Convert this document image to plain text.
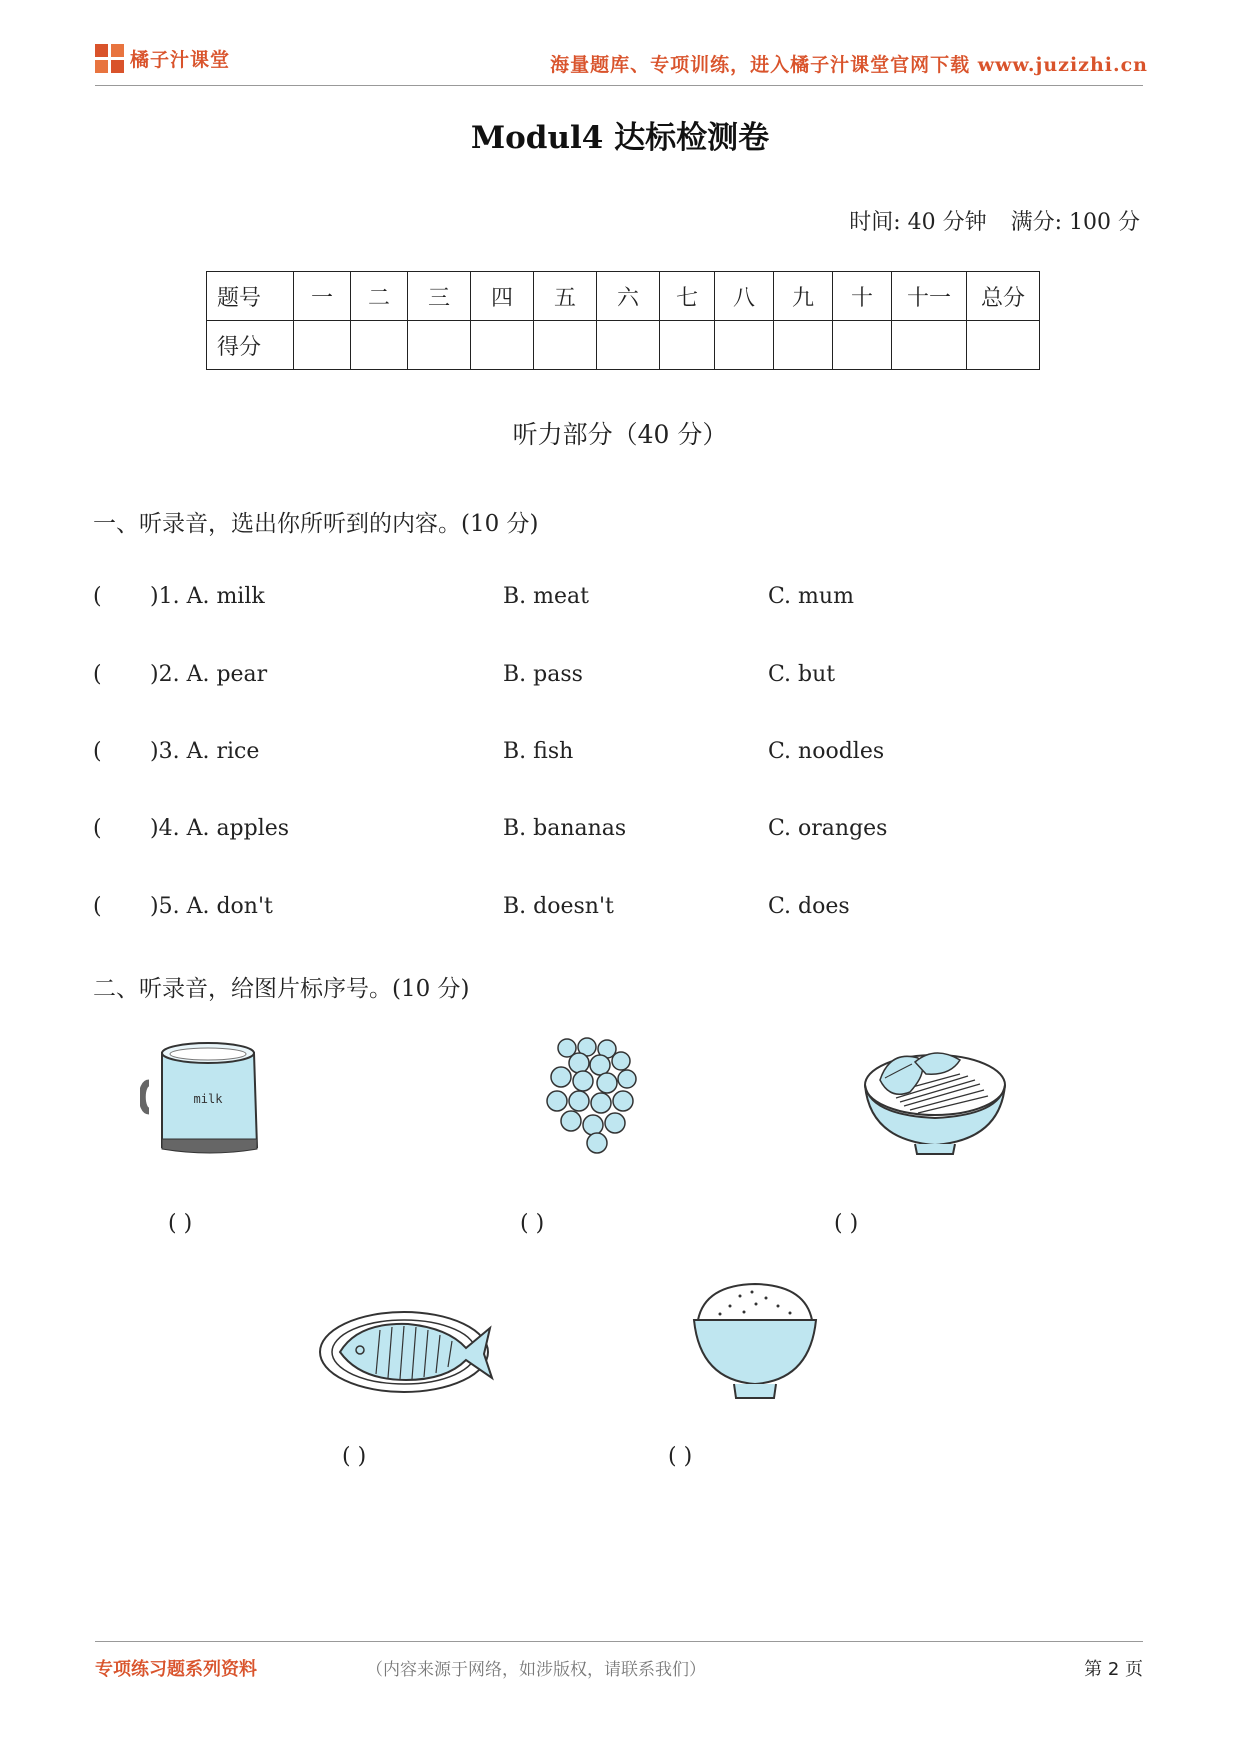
橘子汁课堂	海量题库、专项训练，进入橘子汁课堂官网下载 www.juzizhi.cn
Modul4 达标检测卷
时间: 40 分钟 满分: 100 分
题号	一	二	三	四	五	六	七	八	九	十	十一	总分
得分												
听力部分（40 分）
一、听录音，选出你所听到的内容。(10 分)
( )1. A. milk	B. meat	C. mum
( )2. A. pear	B. pass	C. but
( )3. A. rice	B. fish	C. noodles
( )4. A. apples	B. bananas	C. oranges
( )5. A. don't	B. doesn't	C. does
二、听录音，给图片标序号。(10 分)
milk
( )	( )	( )
( )	( )
专项练习题系列资料	（内容来源于网络，如涉版权，请联系我们）	第 2 页
